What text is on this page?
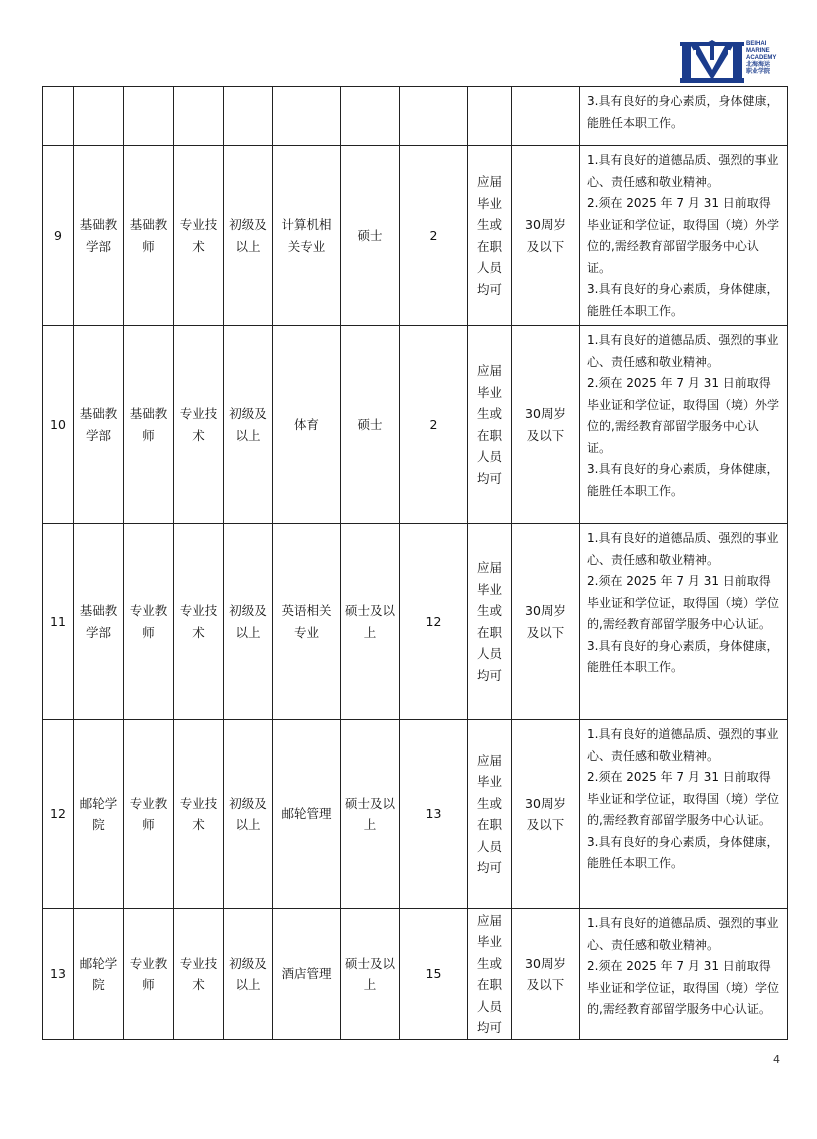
BEIHAI
MARINE
ACADEMY
北海海运
职业学院

										3.具有良好的身心素质，身体健康，能胜任本职工作。

9	基础教学部	基础教师	专业技术	初级及以上	计算机相关专业	硕士	2	应届毕业生或在职人员均可	30周岁及以下	1.具有良好的道德品质、强烈的事业心、责任感和敬业精神。
2.须在 2025 年 7 月 31 日前取得毕业证和学位证，取得国（境）外学位的,需经教育部留学服务中心认证。
3.具有良好的身心素质，身体健康，能胜任本职工作。

10	基础教学部	基础教师	专业技术	初级及以上	体育	硕士	2	应届毕业生或在职人员均可	30周岁及以下	1.具有良好的道德品质、强烈的事业心、责任感和敬业精神。
2.须在 2025 年 7 月 31 日前取得毕业证和学位证，取得国（境）外学位的,需经教育部留学服务中心认证。
3.具有良好的身心素质，身体健康，能胜任本职工作。

11	基础教学部	专业教师	专业技术	初级及以上	英语相关专业	硕士及以上	12	应届毕业生或在职人员均可	30周岁及以下	1.具有良好的道德品质、强烈的事业心、责任感和敬业精神。
2.须在 2025 年 7 月 31 日前取得毕业证和学位证，取得国（境）学位的,需经教育部留学服务中心认证。
3.具有良好的身心素质，身体健康，能胜任本职工作。

12	邮轮学院	专业教师	专业技术	初级及以上	邮轮管理	硕士及以上	13	应届毕业生或在职人员均可	30周岁及以下	1.具有良好的道德品质、强烈的事业心、责任感和敬业精神。
2.须在 2025 年 7 月 31 日前取得毕业证和学位证，取得国（境）学位的,需经教育部留学服务中心认证。
3.具有良好的身心素质，身体健康，能胜任本职工作。

13	邮轮学院	专业教师	专业技术	初级及以上	酒店管理	硕士及以上	15	应届毕业生或在职人员均可	30周岁及以下	1.具有良好的道德品质、强烈的事业心、责任感和敬业精神。
2.须在 2025 年 7 月 31 日前取得毕业证和学位证，取得国（境）学位的,需经教育部留学服务中心认证。
4
